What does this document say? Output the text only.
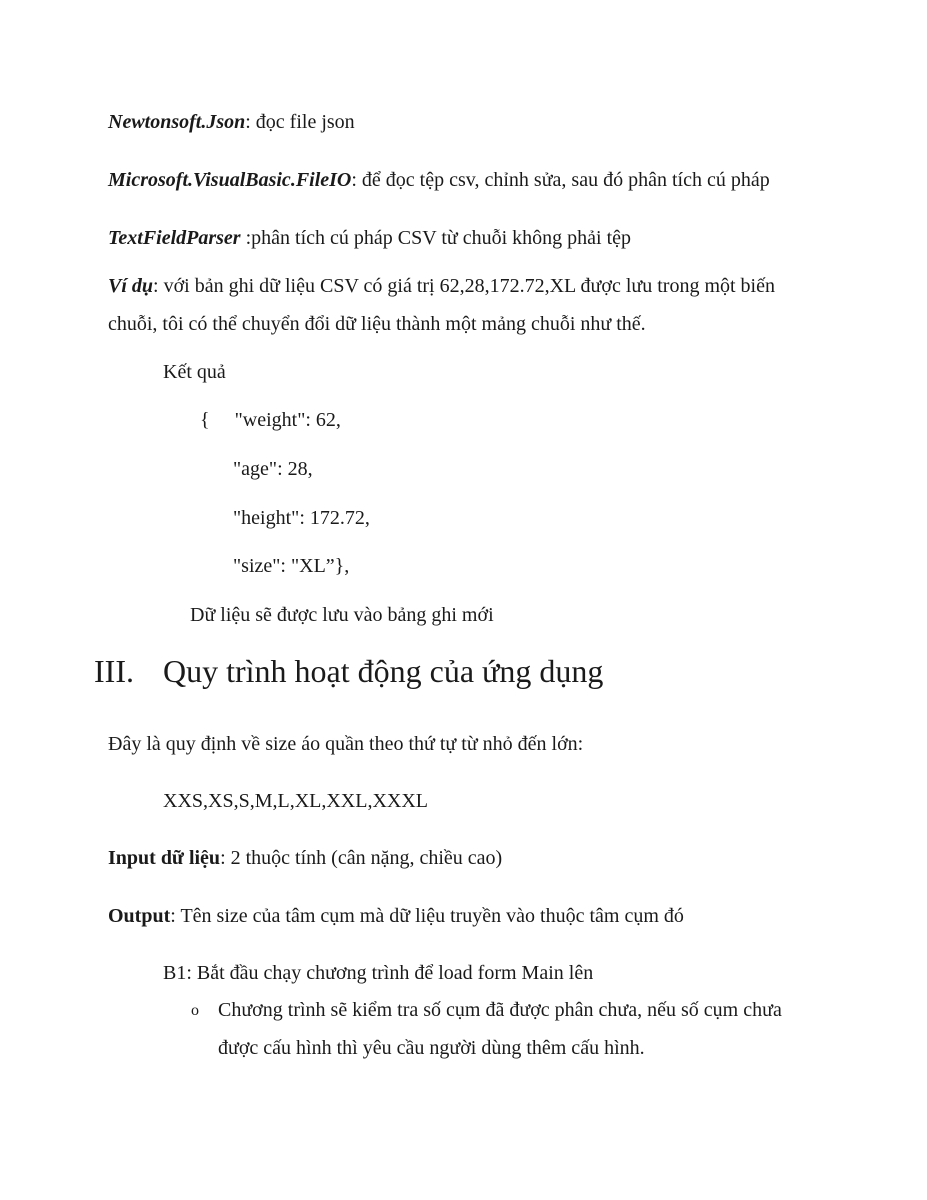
Newtonsoft.Json: đọc file json
Microsoft.VisualBasic.FileIO: để đọc tệp csv, chỉnh sửa, sau đó phân tích cú pháp
TextFieldParser :phân tích cú pháp CSV từ chuỗi không phải tệp
Ví dụ: với bản ghi dữ liệu CSV có giá trị 62,28,172.72,XL được lưu trong một biến
chuỗi, tôi có thể chuyển đổi dữ liệu thành một mảng chuỗi như thế.
Kết quả
{     "weight": 62,
"age": 28,
"height": 172.72,
"size": "XL”},
Dữ liệu sẽ được lưu vào bảng ghi mới
III. Quy trình hoạt động của ứng dụng
Đây là quy định về size áo quần theo thứ tự từ nhỏ đến lớn:
XXS,XS,S,M,L,XL,XXL,XXXL
Input dữ liệu: 2 thuộc tính (cân nặng, chiều cao)
Output: Tên size của tâm cụm mà dữ liệu truyền vào thuộc tâm cụm đó
B1: Bắt đầu chạy chương trình để load form Main lên
o Chương trình sẽ kiểm tra số cụm đã được phân chưa, nếu số cụm chưa
được cấu hình thì yêu cầu người dùng thêm cấu hình.
